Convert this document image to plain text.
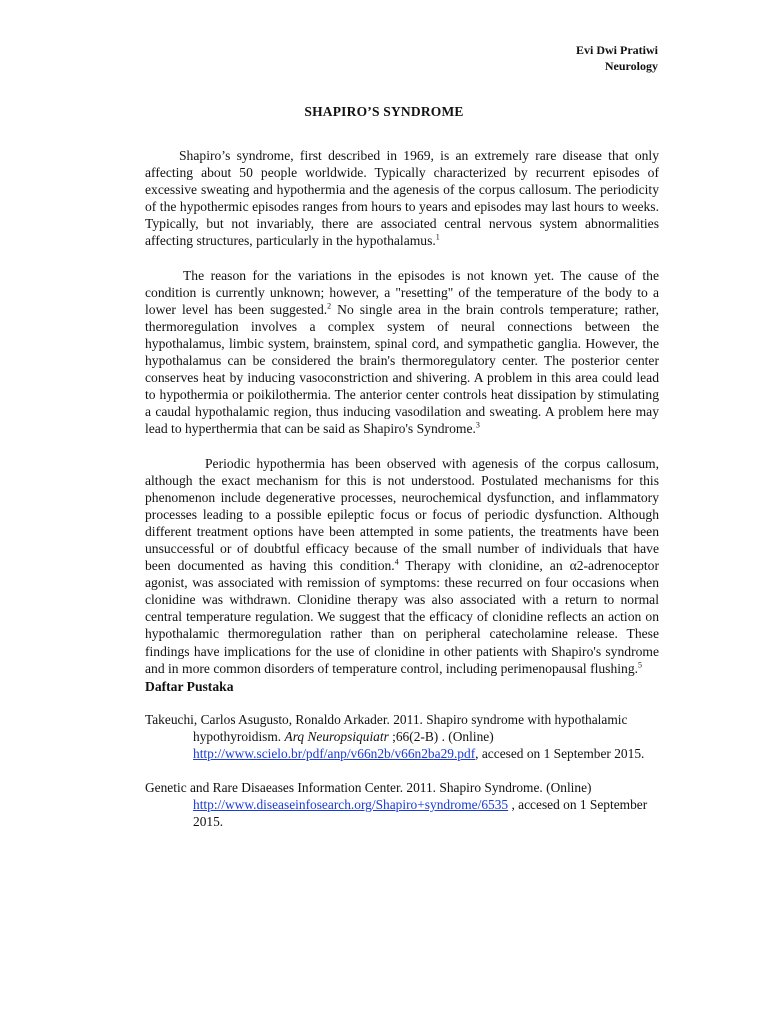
Evi Dwi Pratiwi
Neurology
SHAPIRO’S SYNDROME

Shapiro’s syndrome, first described in 1969, is an extremely rare disease that only affecting about 50 people worldwide. Typically characterized by recurrent episodes of excessive sweating and hypothermia and the agenesis of the corpus callosum. The periodicity of the hypothermic episodes ranges from hours to years and episodes may last hours to weeks. Typically, but not invariably, there are associated central nervous system abnormalities affecting structures, particularly in the hypothalamus.$^1$

The reason for the variations in the episodes is not known yet. The cause of the condition is currently unknown; however, a "resetting" of the temperature of the body to a lower level has been suggested.$^2$ No single area in the brain controls temperature; rather, thermoregulation involves a complex system of neural connections between the hypothalamus, limbic system, brainstem, spinal cord, and sympathetic ganglia. However, the hypothalamus can be considered the brain's thermoregulatory center. The posterior center conserves heat by inducing vasoconstriction and shivering. A problem in this area could lead to hypothermia or poikilothermia. The anterior center controls heat dissipation by stimulating a caudal hypothalamic region, thus inducing vasodilation and sweating. A problem here may lead to hyperthermia that can be said as Shapiro's Syndrome.$^3$

Periodic hypothermia has been observed with agenesis of the corpus callosum, although the exact mechanism for this is not understood. Postulated mechanisms for this phenomenon include degenerative processes, neurochemical dysfunction, and inflammatory processes leading to a possible epileptic focus or focus of periodic dysfunction. Although different treatment options have been attempted in some patients, the treatments have been unsuccessful or of doubtful efficacy because of the small number of individuals that have been documented as having this condition.$^4$ Therapy with clonidine, an α2-adrenoceptor agonist, was associated with remission of symptoms: these recurred on four occasions when clonidine was withdrawn. Clonidine therapy was also associated with a return to normal central temperature regulation. We suggest that the efficacy of clonidine reflects an action on hypothalamic thermoregulation rather than on peripheral catecholamine release. These findings have implications for the use of clonidine in other patients with Shapiro's syndrome and in more common disorders of temperature control, including perimenopausal flushing.$^5$

Daftar Pustaka

Takeuchi, Carlos Asugusto, Ronaldo Arkader. 2011. Shapiro syndrome with hypothalamic hypothyroidism. Arq Neuropsiquiatr ;66(2-B) . (Online) http://www.scielo.br/pdf/anp/v66n2b/v66n2ba29.pdf, accesed on 1 September 2015.

Genetic and Rare Disaeases Information Center. 2011. Shapiro Syndrome. (Online) http://www.diseaseinfosearch.org/Shapiro+syndrome/6535 , accesed on 1 September 2015.
